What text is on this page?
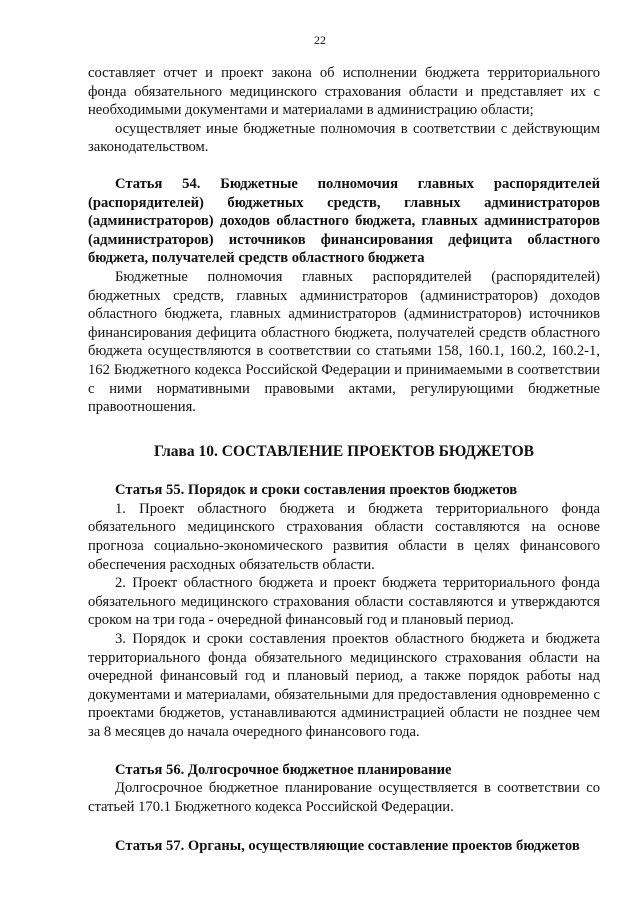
22

составляет отчет и проект закона об исполнении бюджета территориального фонда обязательного медицинского страхования области и представляет их с необходимыми документами и материалами в администрацию области;

осуществляет иные бюджетные полномочия в соответствии с действующим законодательством.

Статья 54. Бюджетные полномочия главных распорядителей (распорядителей) бюджетных средств, главных администраторов (администраторов) доходов областного бюджета, главных администраторов (администраторов) источников финансирования дефицита областного бюджета, получателей средств областного бюджета

Бюджетные полномочия главных распорядителей (распорядителей) бюджетных средств, главных администраторов (администраторов) доходов областного бюджета, главных администраторов (администраторов) источников финансирования дефицита областного бюджета, получателей средств областного бюджета осуществляются в соответствии со статьями 158, 160.1, 160.2, 160.2-1, 162 Бюджетного кодекса Российской Федерации и принимаемыми в соответствии с ними нормативными правовыми актами, регулирующими бюджетные правоотношения.

Глава 10. СОСТАВЛЕНИЕ ПРОЕКТОВ БЮДЖЕТОВ

Статья 55. Порядок и сроки составления проектов бюджетов

1. Проект областного бюджета и бюджета территориального фонда обязательного медицинского страхования области составляются на основе прогноза социально-экономического развития области в целях финансового обеспечения расходных обязательств области.

2. Проект областного бюджета и проект бюджета территориального фонда обязательного медицинского страхования области составляются и утверждаются сроком на три года - очередной финансовый год и плановый период.

3. Порядок и сроки составления проектов областного бюджета и бюджета территориального фонда обязательного медицинского страхования области на очередной финансовый год и плановый период, а также порядок работы над документами и материалами, обязательными для предоставления одновременно с проектами бюджетов, устанавливаются администрацией области не позднее чем за 8 месяцев до начала очередного финансового года.

Статья 56. Долгосрочное бюджетное планирование

Долгосрочное бюджетное планирование осуществляется в соответствии со статьей 170.1 Бюджетного кодекса Российской Федерации.

Статья 57. Органы, осуществляющие составление проектов бюджетов
